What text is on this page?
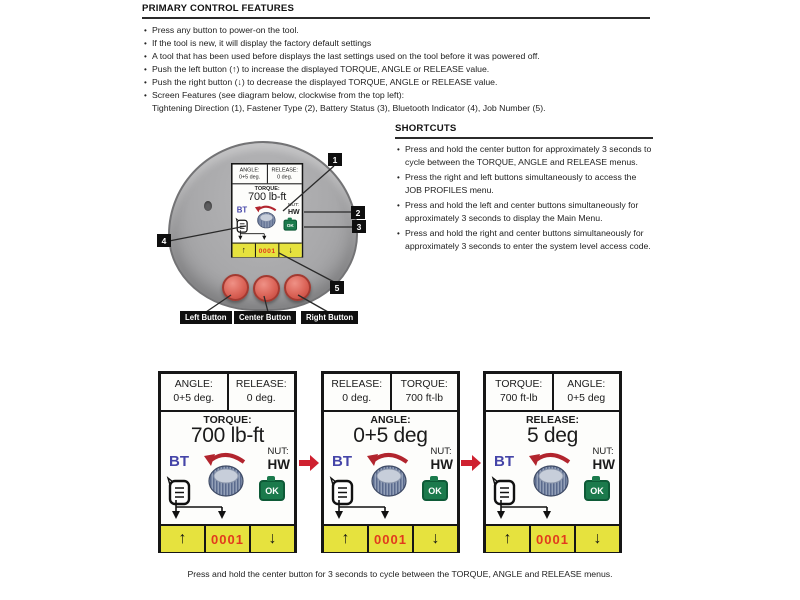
PRIMARY CONTROL FEATURES
• Press any button to power-on the tool.
• If the tool is new, it will display the factory default settings
• A tool that has been used before displays the last settings used on the tool before it was powered off.
• Push the left button (↑) to increase the displayed TORQUE, ANGLE or RELEASE value.
• Push the right button (↓) to decrease the displayed TORQUE, ANGLE or RELEASE value.
• Screen Features (see diagram below, clockwise from the top left):
Tightening Direction (1), Fastener Type (2), Battery Status (3), Bluetooth Indicator (4), Job Number (5).
SHORTCUTS
• Press and hold the center button for approximately 3 seconds to cycle between the TORQUE, ANGLE and RELEASE menus.
• Press the right and left buttons simultaneously to access the JOB PROFILES menu.
• Press and hold the left and center buttons simultaneously for approximately 3 seconds to display the Main Menu.
• Press and hold the right and center buttons simultaneously for approximately 3 seconds to enter the system level access code.
ANGLE:
0+5 deg.
RELEASE:
0 deg.
TORQUE:
700 lb-ft
BT
NUT:
HW
OK
↑ 0001 ↓
1
2
3
4
5
Left Button	Center Button	Right Button
ANGLE:
0+5 deg.
RELEASE:
0 deg.
TORQUE:
700 lb-ft
BT
NUT:
HW
OK
↑	0001	↓
RELEASE:
0 deg.
TORQUE:
700 ft-lb
ANGLE:
0+5 deg
BT
NUT:
HW
OK
↑	0001	↓
TORQUE:
700 ft-lb
ANGLE:
0+5 deg
RELEASE:
5 deg
BT
NUT:
HW
OK
↑	0001	↓
Press and hold the center button for 3 seconds to cycle between the TORQUE, ANGLE and RELEASE menus.
